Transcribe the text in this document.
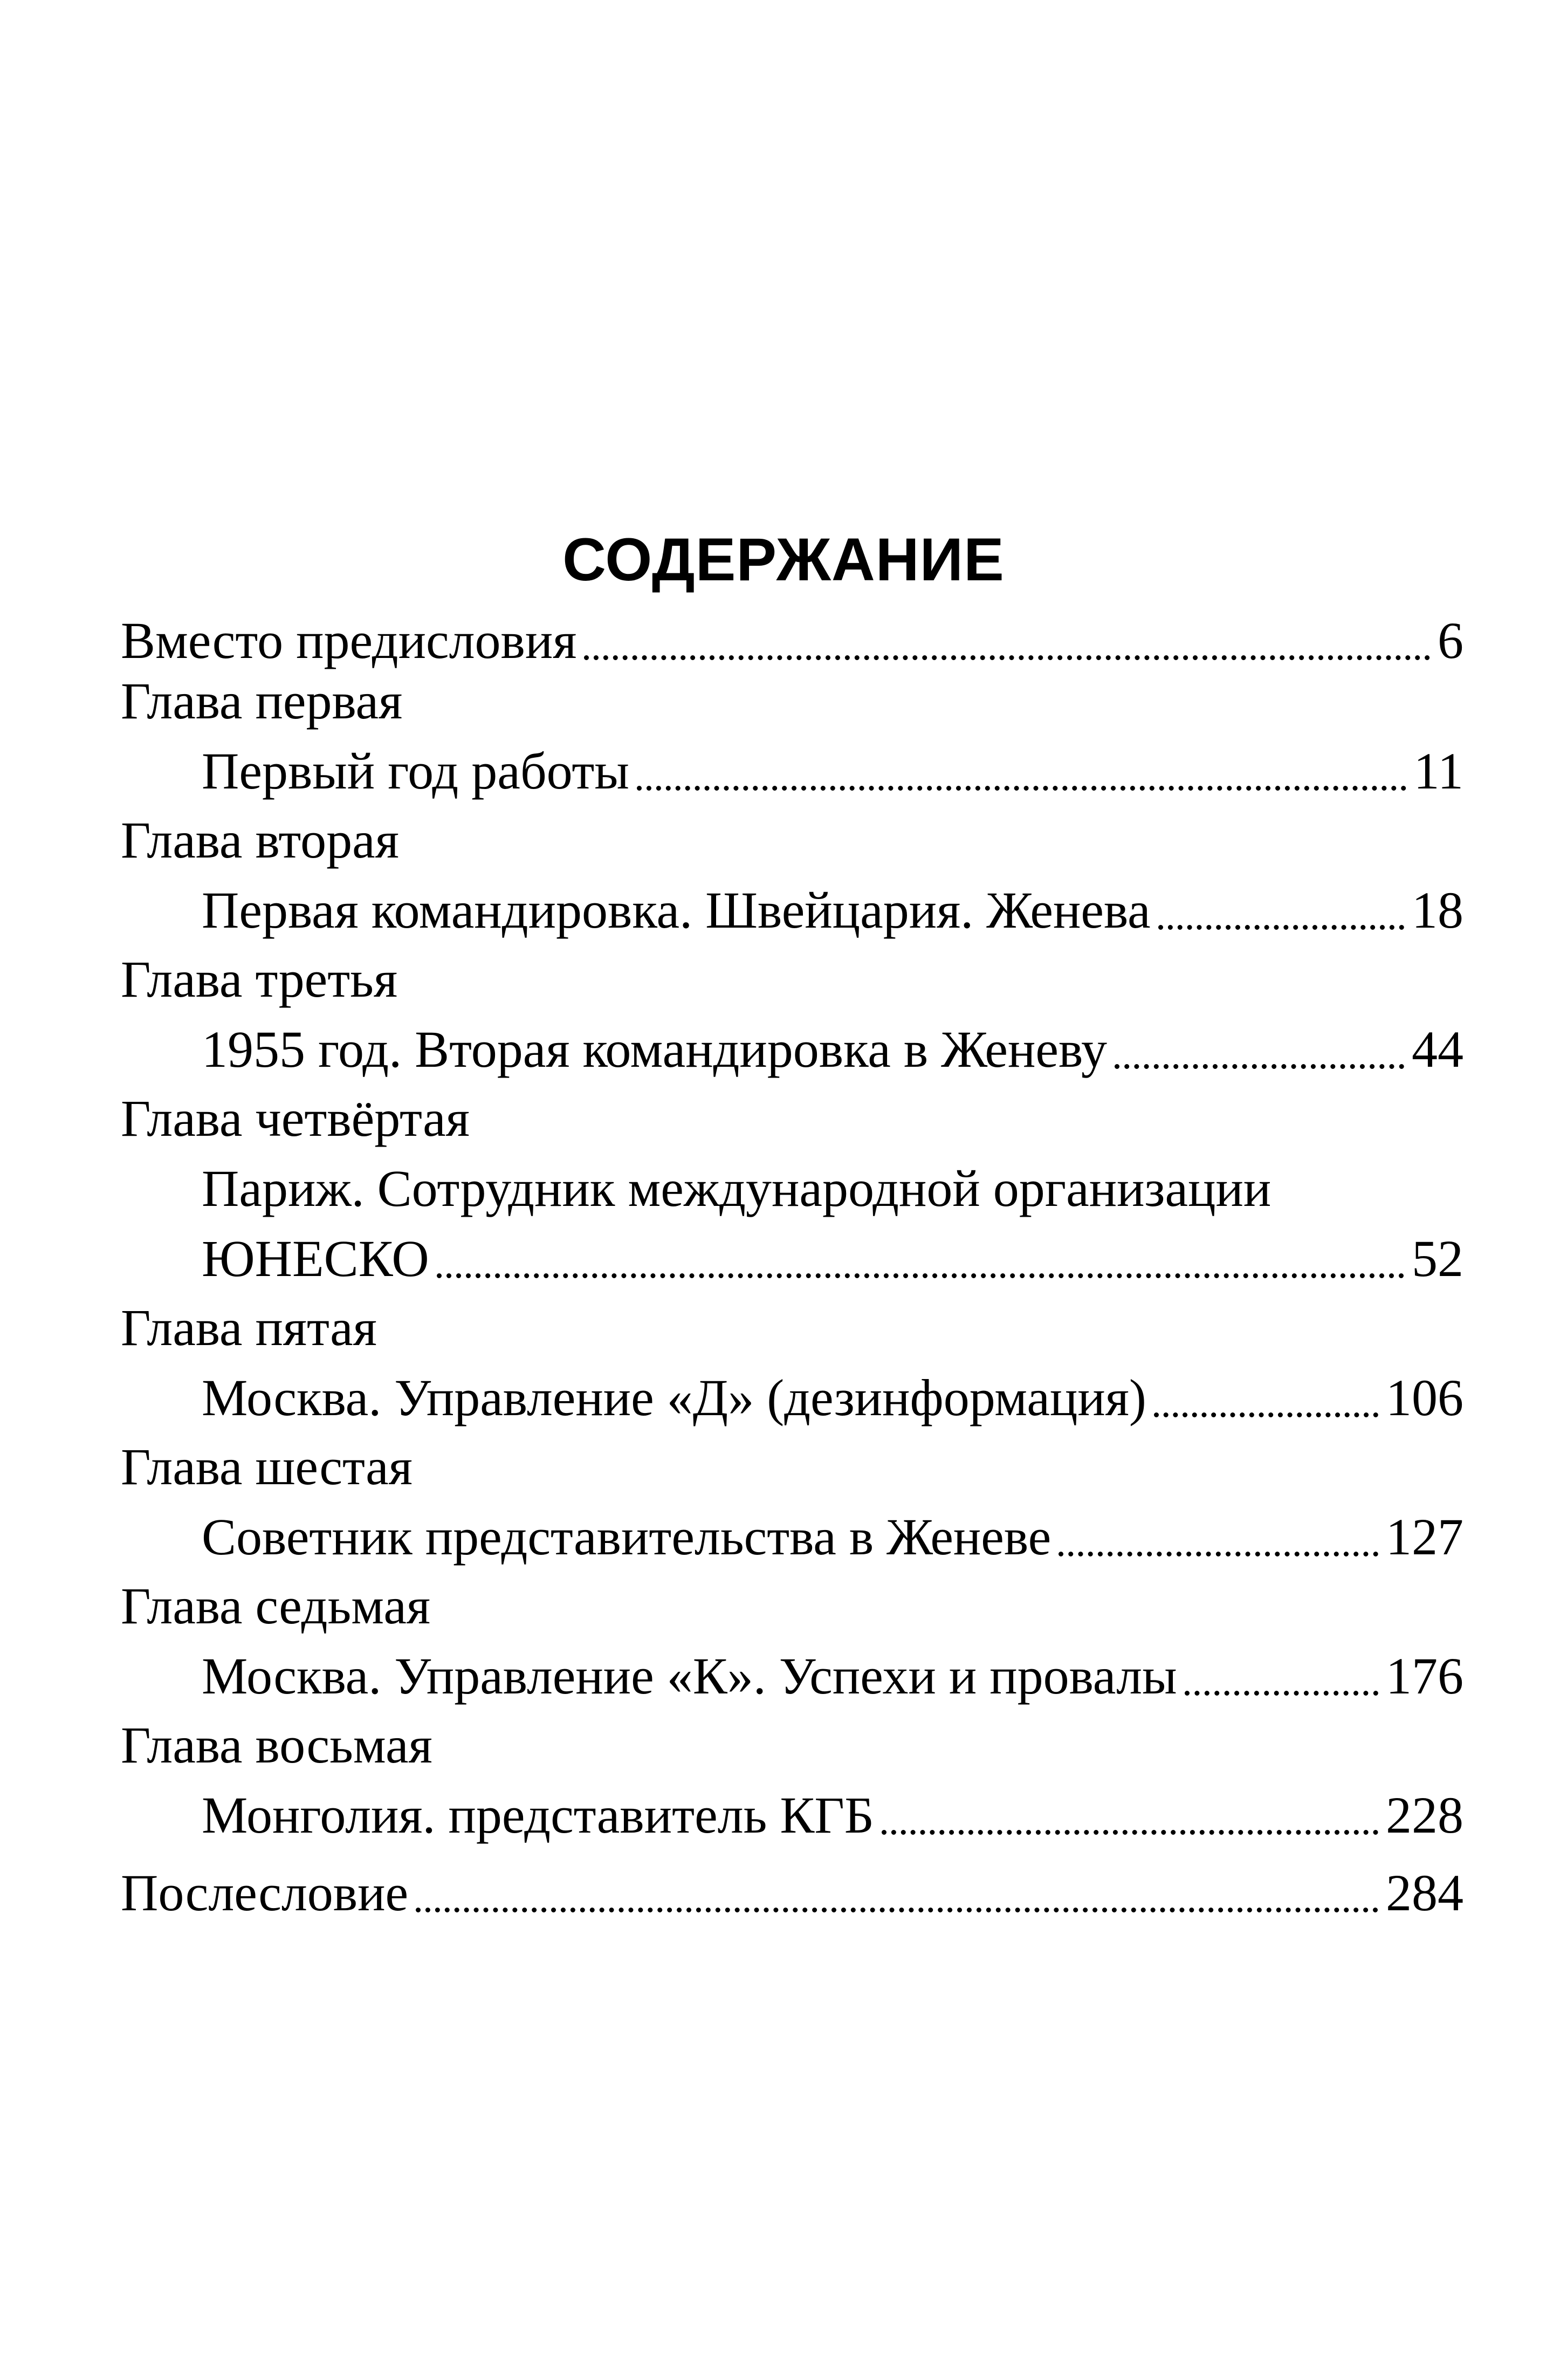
СОДЕРЖАНИЕ
Вместо предисловия	6
Глава первая
Первый год работы	11
Глава вторая
Первая командировка. Швейцария. Женева	18
Глава третья
1955 год. Вторая командировка в Женеву	44
Глава четвёртая
Париж. Сотрудник международной организации
ЮНЕСКО	52
Глава пятая
Москва. Управление «Д» (дезинформация)	106
Глава шестая
Советник представительства в Женеве	127
Глава седьмая
Москва. Управление «К». Успехи и провалы	176
Глава восьмая
Монголия. представитель КГБ	228
Послесловие	284
